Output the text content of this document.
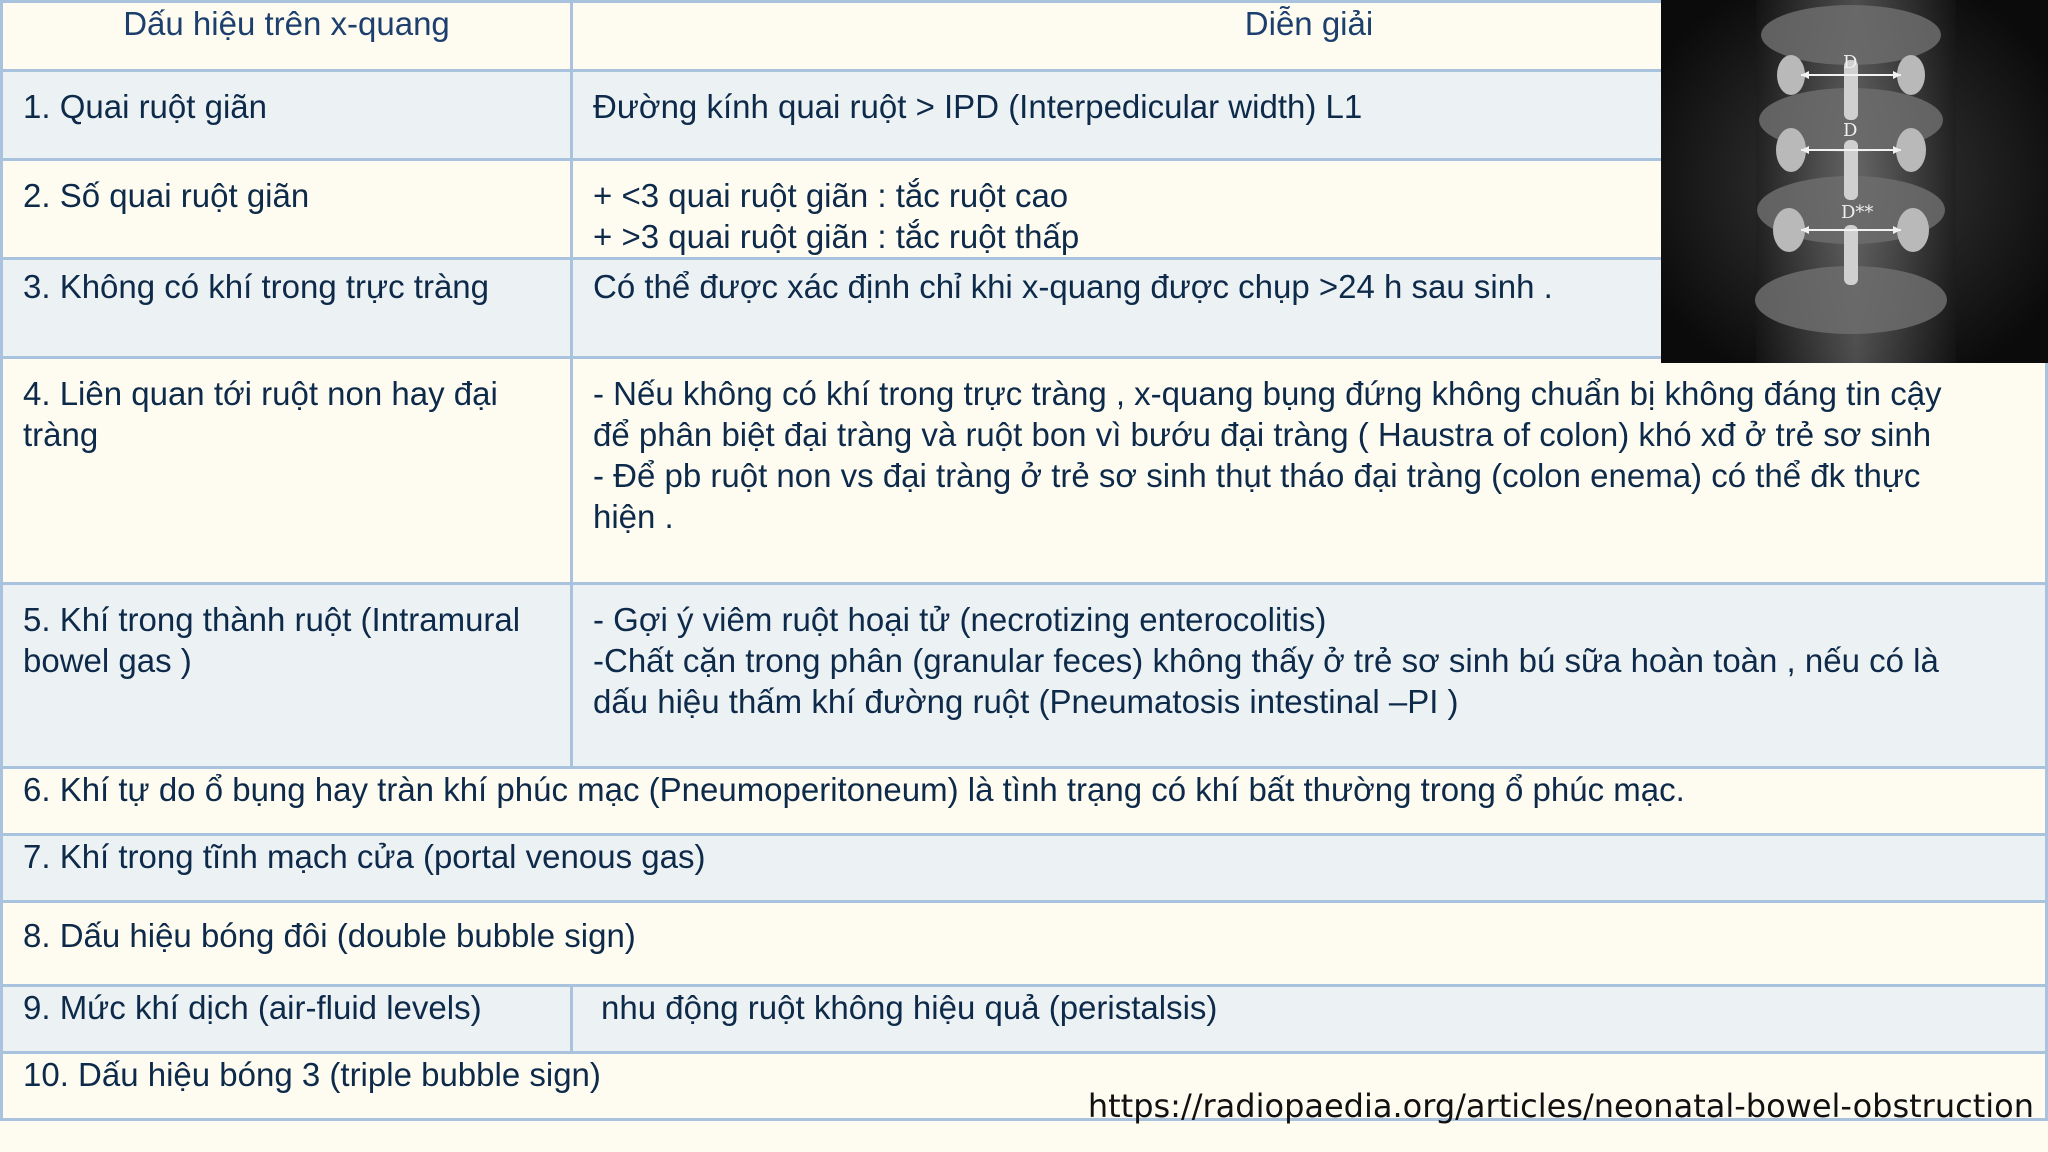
Dấu hiệu trên x-quang	Diễn giải

1. Quai ruột giãn	Đường kính quai ruột > IPD (Interpedicular width) L1

2. Số quai ruột giãn	+ <3 quai ruột giãn : tắc ruột cao
+ >3 quai ruột giãn : tắc ruột thấp

3. Không có khí trong trực tràng	Có thể được xác định chỉ khi x-quang được chụp >24 h sau sinh .

4. Liên quan tới ruột non hay đại
tràng	- Nếu không có khí trong trực tràng , x-quang bụng đứng không chuẩn bị không đáng tin cậy
để phân biệt đại tràng và ruột bon vì bướu đại tràng ( Haustra of colon) khó xđ ở trẻ sơ sinh
- Để pb ruột non vs đại tràng ở trẻ sơ sinh thụt tháo đại tràng (colon enema) có thể đk thực
hiện .

5. Khí trong thành ruột (Intramural
bowel gas )	- Gợi ý viêm ruột hoại tử (necrotizing enterocolitis)
-Chất cặn trong phân (granular feces) không thấy ở trẻ sơ sinh bú sữa hoàn toàn , nếu có là
dấu hiệu thấm khí đường ruột (Pneumatosis intestinal –PI )

6. Khí tự do ổ bụng hay tràn khí phúc mạc (Pneumoperitoneum) là tình trạng có khí bất thường trong ổ phúc mạc.	

7. Khí trong tĩnh mạch cửa (portal venous gas)	

8. Dấu hiệu bóng đôi (double bubble sign)	

9. Mức khí dịch (air-fluid levels)	nhu động ruột không hiệu quả (peristalsis)

10. Dấu hiệu bóng 3 (triple bubble sign)	
D
D
D**
https://radiopaedia.org/articles/neonatal-bowel-obstruction
